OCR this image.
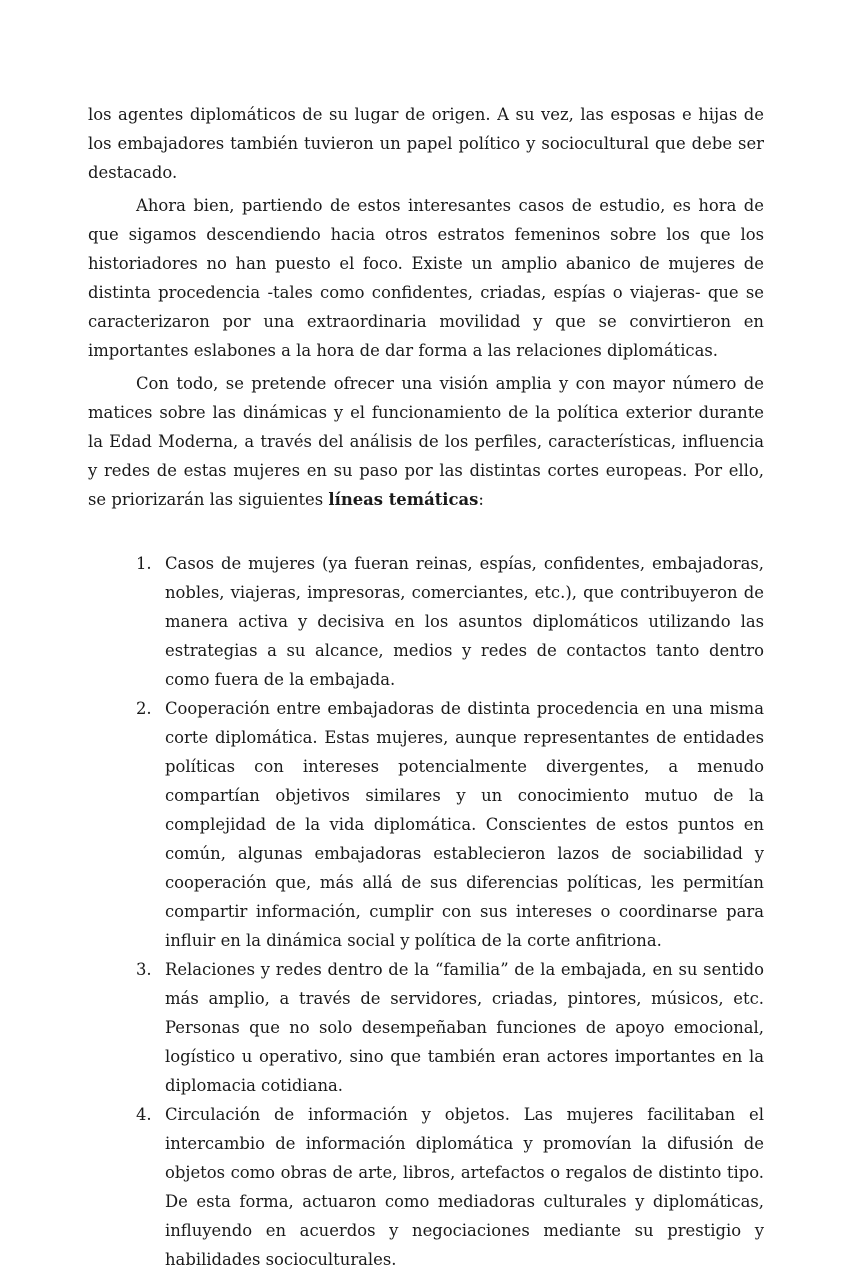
los agentes diplomáticos de su lugar de origen. A su vez, las esposas e hijas de los embajadores también tuvieron un papel político y sociocultural que debe ser destacado.

Ahora bien, partiendo de estos interesantes casos de estudio, es hora de que sigamos descendiendo hacia otros estratos femeninos sobre los que los historiadores no han puesto el foco. Existe un amplio abanico de mujeres de distinta procedencia -tales como confidentes, criadas, espías o viajeras- que se caracterizaron por una extraordinaria movilidad y que se convirtieron en importantes eslabones a la hora de dar forma a las relaciones diplomáticas.

Con todo, se pretende ofrecer una visión amplia y con mayor número de matices sobre las dinámicas y el funcionamiento de la política exterior durante la Edad Moderna, a través del análisis de los perfiles, características, influencia y redes de estas mujeres en su paso por las distintas cortes europeas. Por ello, se priorizarán las siguientes líneas temáticas:

1. Casos de mujeres (ya fueran reinas, espías, confidentes, embajadoras, nobles, viajeras, impresoras, comerciantes, etc.), que contribuyeron de manera activa y decisiva en los asuntos diplomáticos utilizando las estrategias a su alcance, medios y redes de contactos tanto dentro como fuera de la embajada.
2. Cooperación entre embajadoras de distinta procedencia en una misma corte diplomática. Estas mujeres, aunque representantes de entidades políticas con intereses potencialmente divergentes, a menudo compartían objetivos similares y un conocimiento mutuo de la complejidad de la vida diplomática. Conscientes de estos puntos en común, algunas embajadoras establecieron lazos de sociabilidad y cooperación que, más allá de sus diferencias políticas, les permitían compartir información, cumplir con sus intereses o coordinarse para influir en la dinámica social y política de la corte anfitriona.
3. Relaciones y redes dentro de la “familia” de la embajada, en su sentido más amplio, a través de servidores, criadas, pintores, músicos, etc. Personas que no solo desempeñaban funciones de apoyo emocional, logístico u operativo, sino que también eran actores importantes en la diplomacia cotidiana.
4. Circulación de información y objetos. Las mujeres facilitaban el intercambio de información diplomática y promovían la difusión de objetos como obras de arte, libros, artefactos o regalos de distinto tipo. De esta forma, actuaron como mediadoras culturales y diplomáticas, influyendo en acuerdos y negociaciones mediante su prestigio y habilidades socioculturales.
